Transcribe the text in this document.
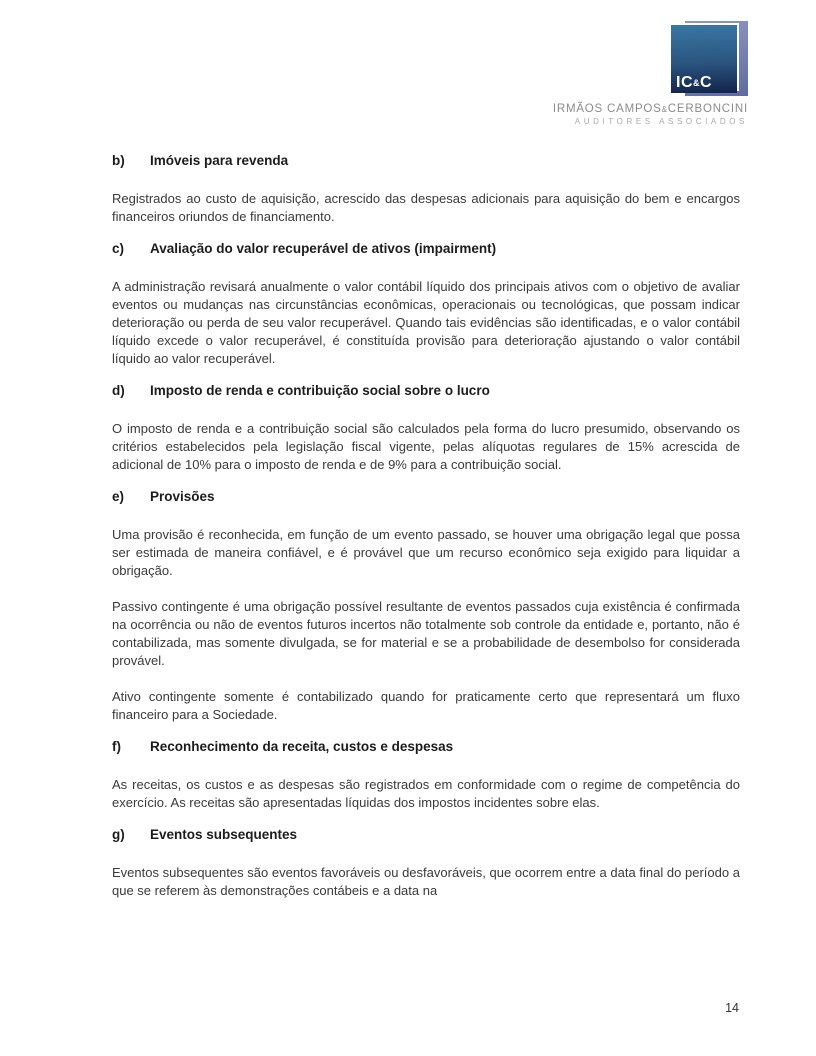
IC&C
IRMÃOS CAMPOS&CERBONCINI
AUDITORES ASSOCIADOS
b) Imóveis para revenda

Registrados ao custo de aquisição, acrescido das despesas adicionais para aquisição do bem e encargos financeiros oriundos de financiamento.

c) Avaliação do valor recuperável de ativos (impairment)

A administração revisará anualmente o valor contábil líquido dos principais ativos com o objetivo de avaliar eventos ou mudanças nas circunstâncias econômicas, operacionais ou tecnológicas, que possam indicar deterioração ou perda de seu valor recuperável. Quando tais evidências são identificadas, e o valor contábil líquido excede o valor recuperável, é constituída provisão para deterioração ajustando o valor contábil líquido ao valor recuperável.

d) Imposto de renda e contribuição social sobre o lucro

O imposto de renda e a contribuição social são calculados pela forma do lucro presumido, observando os critérios estabelecidos pela legislação fiscal vigente, pelas alíquotas regulares de 15% acrescida de adicional de 10% para o imposto de renda e de 9% para a contribuição social.

e) Provisões

Uma provisão é reconhecida, em função de um evento passado, se houver uma obrigação legal que possa ser estimada de maneira confiável, e é provável que um recurso econômico seja exigido para liquidar a obrigação.

Passivo contingente é uma obrigação possível resultante de eventos passados cuja existência é confirmada na ocorrência ou não de eventos futuros incertos não totalmente sob controle da entidade e, portanto, não é contabilizada, mas somente divulgada, se for material e se a probabilidade de desembolso for considerada provável.

Ativo contingente somente é contabilizado quando for praticamente certo que representará um fluxo financeiro para a Sociedade.

f) Reconhecimento da receita, custos e despesas

As receitas, os custos e as despesas são registrados em conformidade com o regime de competência do exercício. As receitas são apresentadas líquidas dos impostos incidentes sobre elas.

g) Eventos subsequentes

Eventos subsequentes são eventos favoráveis ou desfavoráveis, que ocorrem entre a data final do período a que se referem às demonstrações contábeis e a data na

14
